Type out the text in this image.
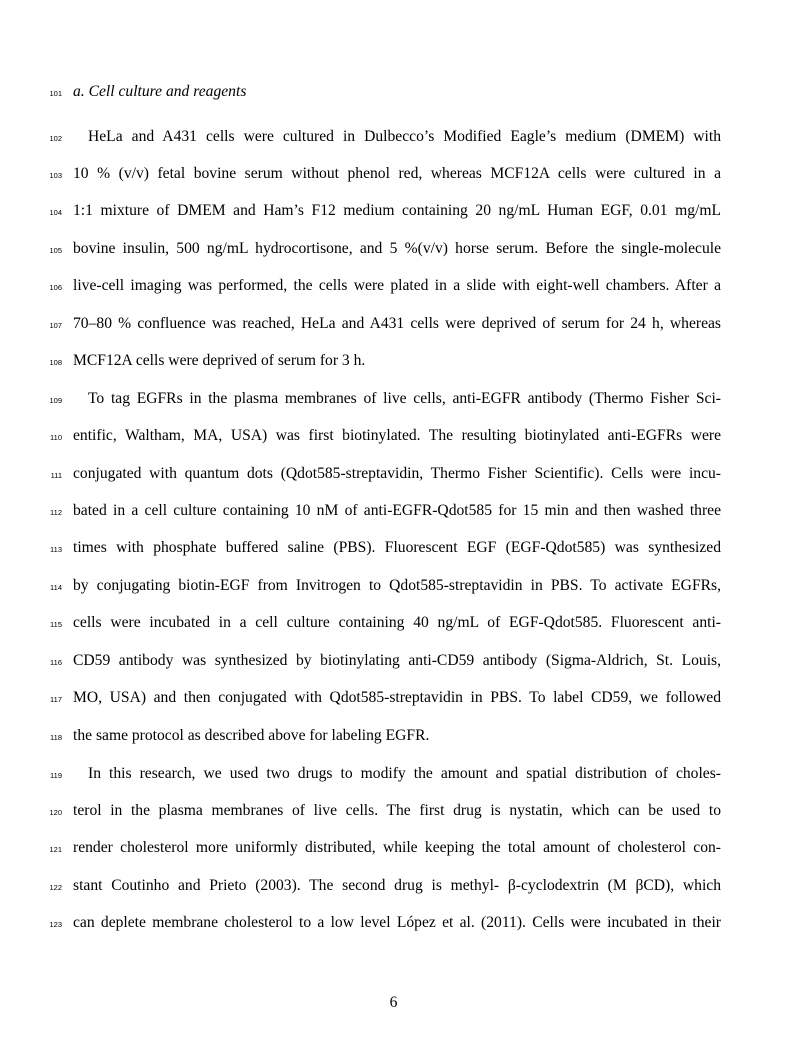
101 a. Cell culture and reagents
102	HeLa and A431 cells were cultured in Dulbecco’s Modified Eagle’s medium (DMEM) with
103 10 % (v/v) fetal bovine serum without phenol red, whereas MCF12A cells were cultured in a
104 1:1 mixture of DMEM and Ham’s F12 medium containing 20 ng/mL Human EGF, 0.01 mg/mL
105 bovine insulin, 500 ng/mL hydrocortisone, and 5 %(v/v) horse serum. Before the single-molecule
106 live-cell imaging was performed, the cells were plated in a slide with eight-well chambers. After a
107 70–80 % confluence was reached, HeLa and A431 cells were deprived of serum for 24 h, whereas
108 MCF12A cells were deprived of serum for 3 h.
109	To tag EGFRs in the plasma membranes of live cells, anti-EGFR antibody (Thermo Fisher Sci-
110 entific, Waltham, MA, USA) was first biotinylated. The resulting biotinylated anti-EGFRs were
111 conjugated with quantum dots (Qdot585-streptavidin, Thermo Fisher Scientific). Cells were incu-
112 bated in a cell culture containing 10 nM of anti-EGFR-Qdot585 for 15 min and then washed three
113 times with phosphate buffered saline (PBS). Fluorescent EGF (EGF-Qdot585) was synthesized
114 by conjugating biotin-EGF from Invitrogen to Qdot585-streptavidin in PBS. To activate EGFRs,
115 cells were incubated in a cell culture containing 40 ng/mL of EGF-Qdot585. Fluorescent anti-
116 CD59 antibody was synthesized by biotinylating anti-CD59 antibody (Sigma-Aldrich, St. Louis,
117 MO, USA) and then conjugated with Qdot585-streptavidin in PBS. To label CD59, we followed
118 the same protocol as described above for labeling EGFR.
119	In this research, we used two drugs to modify the amount and spatial distribution of choles-
120 terol in the plasma membranes of live cells. The first drug is nystatin, which can be used to
121 render cholesterol more uniformly distributed, while keeping the total amount of cholesterol con-
122 stant Coutinho and Prieto (2003). The second drug is methyl- β-cyclodextrin (M βCD), which
123 can deplete membrane cholesterol to a low level López et al. (2011). Cells were incubated in their
6
